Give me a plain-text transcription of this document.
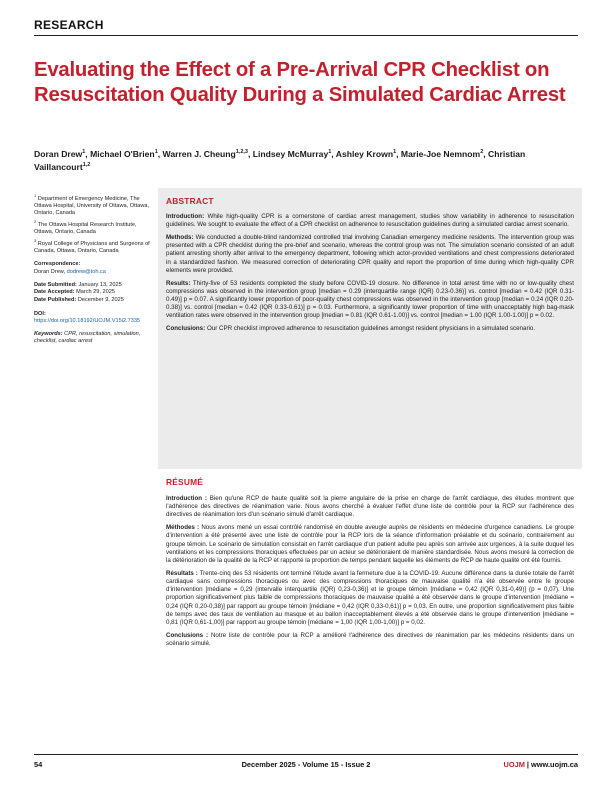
RESEARCH
Evaluating the Effect of a Pre-Arrival CPR Checklist on Resuscitation Quality During a Simulated Cardiac Arrest
Doran Drew$^1$, Michael O'Brien$^1$, Warren J. Cheung$^{1,2,3}$, Lindsey McMurray$^1$, Ashley Krown$^1$, Marie-Joe Nemnom$^2$, Christian Vaillancourt$^{1,2}$
$^1$ Department of Emergency Medicine, The Ottawa Hospital, University of Ottawa, Ottawa, Ontario, Canada
$^2$ The Ottawa Hospital Research Institute, Ottawa, Ontario, Canada
$^3$ Royal College of Physicians and Surgeons of Canada, Ottawa, Ontario, Canada
Correspondence:
Doran Drew, dodrew@toh.ca
Date Submitted: January 13, 2025
Date Accepted: March 29, 2025
Date Published: December 9, 2025
DOI: https://doi.org/10.18192/UOJM.V15i2.7335
Keywords: CPR, resuscitation, simulation, checklist, cardiac arrest
ABSTRACT

Introduction: While high-quality CPR is a cornerstone of cardiac arrest management, studies show variability in adherence to resuscitation guidelines. We sought to evaluate the effect of a CPR checklist on adherence to resuscitation guidelines during a simulated cardiac arrest scenario.

Methods: We conducted a double-blind randomized controlled trial involving Canadian emergency medicine residents. The intervention group was presented with a CPR checklist during the pre-brief and scenario, whereas the control group was not. The simulation scenario consisted of an adult patient arresting shortly after arrival to the emergency department, following which actor-provided ventilations and chest compressions deteriorated in a standardized fashion. We measured correction of deteriorating CPR quality and report the proportion of time during which high-quality CPR elements were provided.

Results: Thirty-five of 53 residents completed the study before COVID-19 closure. No difference in total arrest time with no or low-quality chest compressions was observed in the intervention group [median = 0.29 (interquartile range (IQR) 0.23-0.36)] vs. control [median = 0.42 (IQR 0.31-0.49)] p = 0.07. A significantly lower proportion of poor-quality chest compressions was observed in the intervention group [median = 0.24 (IQR 0.20-0.38)] vs. control [median = 0.42 (IQR 0.33-0.61)] p = 0.03. Furthermore, a significantly lower proportion of time with unacceptably high bag-mask ventilation rates were observed in the intervention group [median = 0.81 (IQR 0.61-1.00)] vs. control [median = 1.00 (IQR 1.00-1.00)] p = 0.02.

Conclusions: Our CPR checklist improved adherence to resuscitation guidelines amongst resident physicians in a simulated scenario.

RÉSUMÉ

Introduction : Bien qu'une RCP de haute qualité soit la pierre angulaire de la prise en charge de l'arrêt cardiaque, des études montrent que l'adhérence des directives de réanimation varie. Nous avons cherché à évaluer l'effet d'une liste de contrôle pour la RCP sur l'adhérence des directives de réanimation lors d'un scénario simulé d'arrêt cardiaque.

Méthodes : Nous avons mené un essai contrôlé randomisé en double aveugle auprès de résidents en médecine d'urgence canadiens. Le groupe d'intervention a été présenté avec une liste de contrôle pour la RCP lors de la séance d'information préalable et du scénario, contrairement au groupe témoin. Le scénario de simulation consistait en l'arrêt cardiaque d'un patient adulte peu après son arrivée aux urgences, à la suite duquel les ventilations et les compressions thoraciques effectuées par un acteur se détérioraient de manière standardisée. Nous avons mesuré la correction de la détérioration de la qualité de la RCP et rapporté la proportion de temps pendant laquelle les éléments de RCP de haute qualité ont été fournis.

Résultats : Trente-cinq des 53 résidents ont terminé l'étude avant la fermeture due à la COVID-19. Aucune différence dans la durée totale de l'arrêt cardiaque sans compressions thoraciques ou avec des compressions thoraciques de mauvaise qualité n'a été observée entre le groupe d'intervention [médiane = 0,29 (intervalle interquartile (IQR) 0,23-0,36)] et le groupe témoin [médiane = 0,42 (IQR 0,31-0,49)] (p = 0,07). Une proportion significativement plus faible de compressions thoraciques de mauvaise qualité a été observée dans le groupe d'intervention [médiane = 0,24 (IQR 0,20-0,38)] par rapport au groupe témoin [médiane = 0,42 (IQR 0,33-0,61)] p = 0,03. En outre, une proportion significativement plus faible de temps avec des taux de ventilation au masque et au ballon inacceptablement élevés a été observée dans le groupe d'intervention [médiane = 0,81 (IQR 0,61-1,00)] par rapport au groupe témoin [médiane = 1,00 (IQR 1,00-1,00)] p = 0,02.

Conclusions : Notre liste de contrôle pour la RCP a amélioré l'adhérence des directives de réanimation par les médecins résidents dans un scénario simulé.

54	December 2025 - Volume 15 - Issue 2	UOJM | www.uojm.ca
